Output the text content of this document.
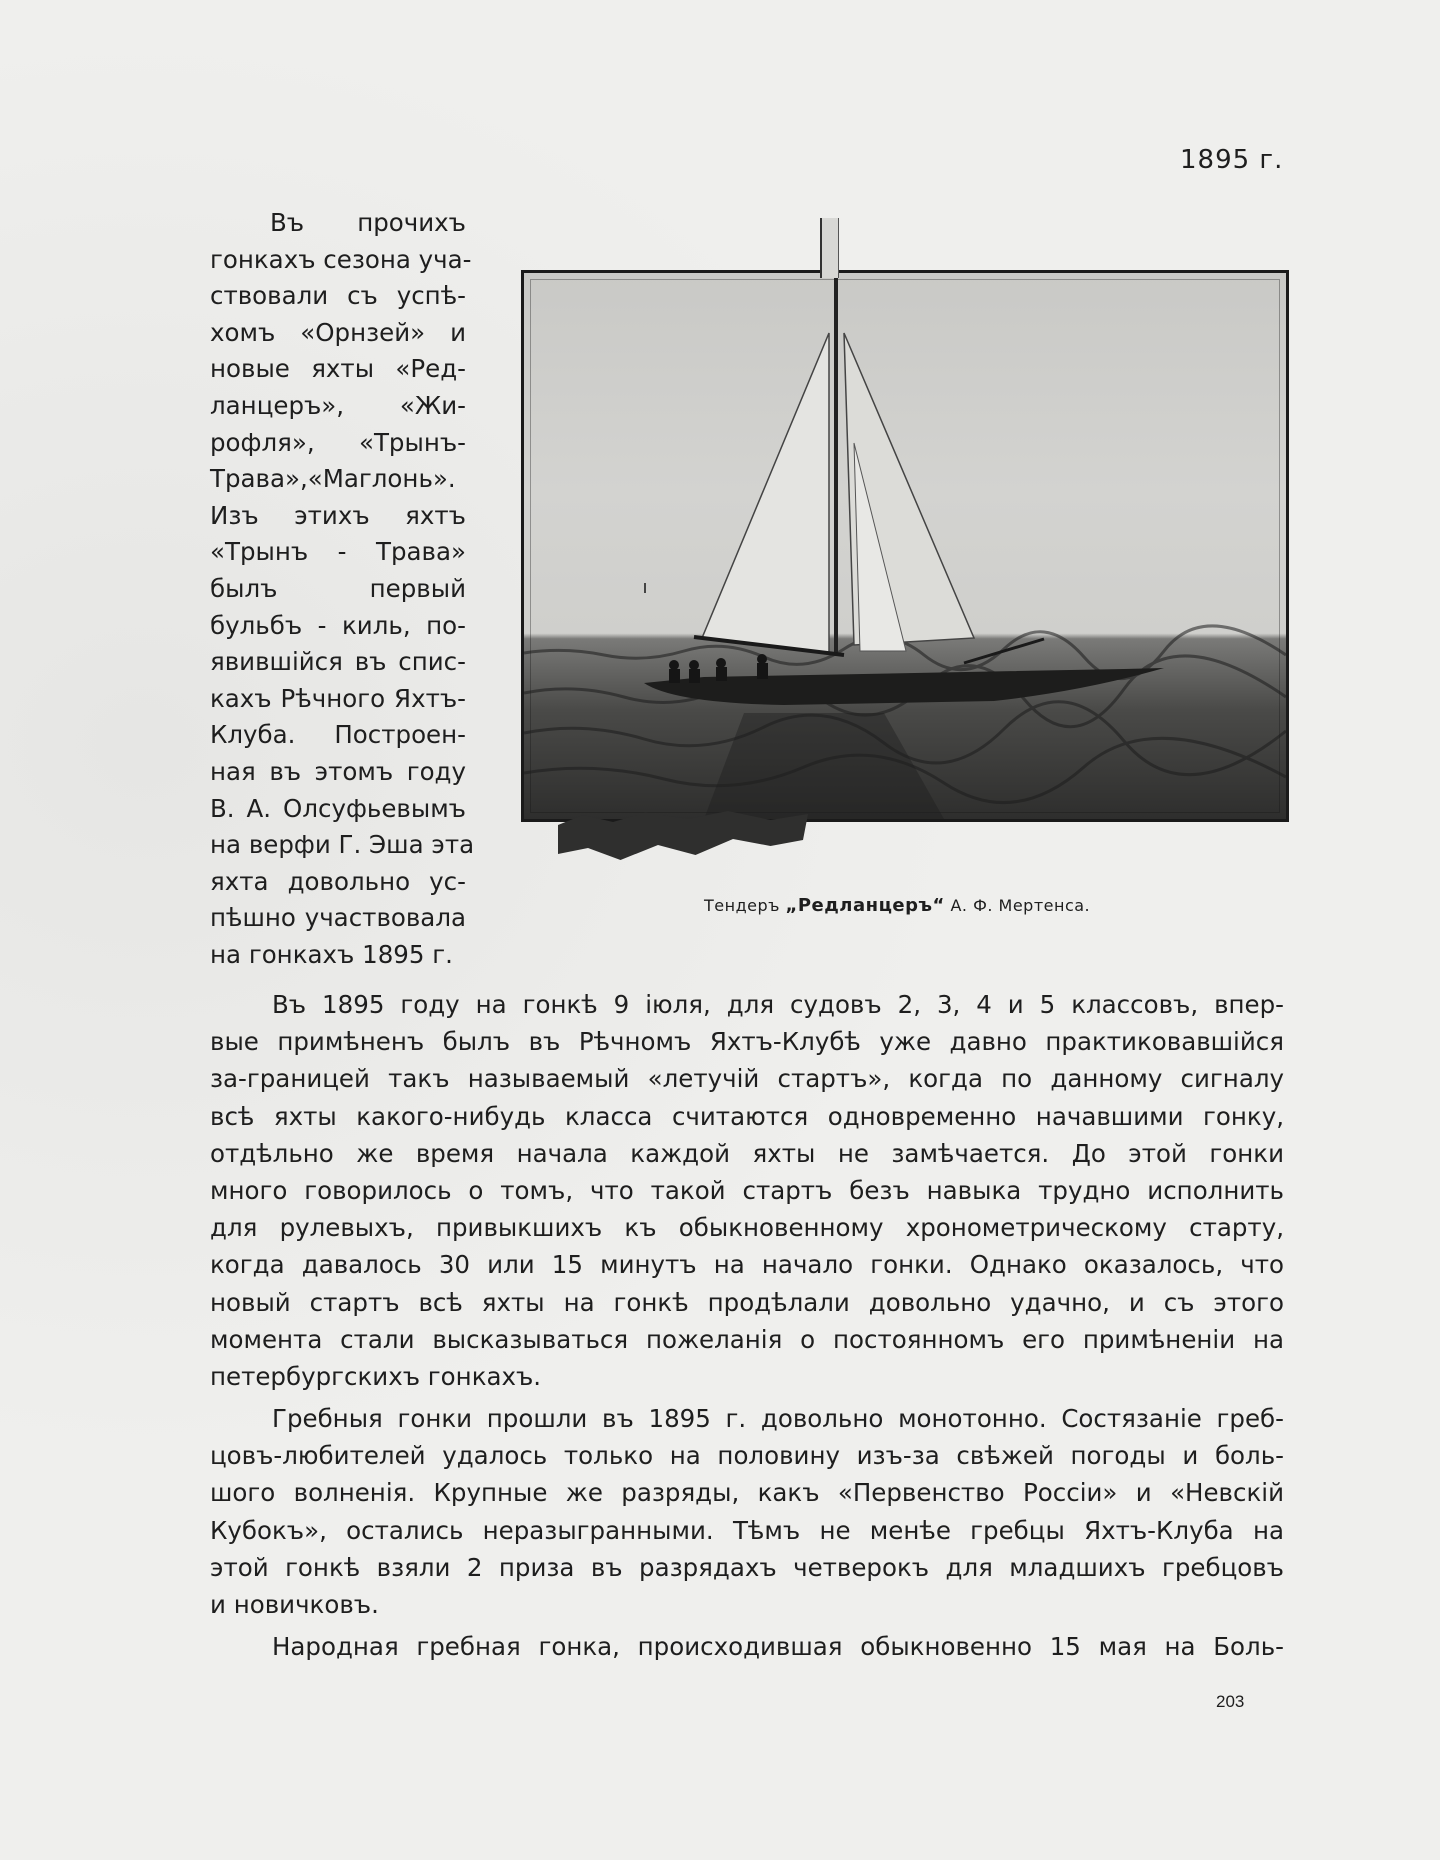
1895 г.
Въ прочихъ
гонкахъ сезона уча-
ствовали съ успѣ-
хомъ «Орнзей» и
новые яхты «Ред-
ланцеръ», «Жи-
рофля», «Трынъ-
Трава»,«Маглонь».
Изъ этихъ яхтъ
«Трынъ - Трава»
былъ первый
бульбъ - киль, по-
явившійся въ спис-
кахъ Рѣчного Яхтъ-
Клуба. Построен-
ная въ этомъ году
В. А. Олсуфьевымъ
на верфи Г. Эша эта
яхта довольно ус-
пѣшно участвовала
на гонкахъ 1895 г.
Тендеръ „Редланцеръ“ А. Ф. Мертенса.
Въ 1895 году на гонкѣ 9 іюля, для судовъ 2, 3, 4 и 5 классовъ, впер-
вые примѣненъ былъ въ Рѣчномъ Яхтъ-Клубѣ уже давно практиковавшійся
за-границей такъ называемый «летучій стартъ», когда по данному сигналу
всѣ яхты какого-нибудь класса считаются одновременно начавшими гонку,
отдѣльно же время начала каждой яхты не замѣчается. До этой гонки
много говорилось о томъ, что такой стартъ безъ навыка трудно исполнить
для рулевыхъ, привыкшихъ къ обыкновенному хронометрическому старту,
когда давалось 30 или 15 минутъ на начало гонки. Однако оказалось, что
новый стартъ всѣ яхты на гонкѣ продѣлали довольно удачно, и съ этого
момента стали высказываться пожеланія о постоянномъ его примѣненіи на
петербургскихъ гонкахъ.
Гребныя гонки прошли въ 1895 г. довольно монотонно. Состязаніе греб-
цовъ-любителей удалось только на половину изъ-за свѣжей погоды и боль-
шого волненія. Крупные же разряды, какъ «Первенство Россіи» и «Невскій
Кубокъ», остались неразыгранными. Тѣмъ не менѣе гребцы Яхтъ-Клуба на
этой гонкѣ взяли 2 приза въ разрядахъ четверокъ для младшихъ гребцовъ
и новичковъ.
Народная гребная гонка, происходившая обыкновенно 15 мая на Боль-
203
